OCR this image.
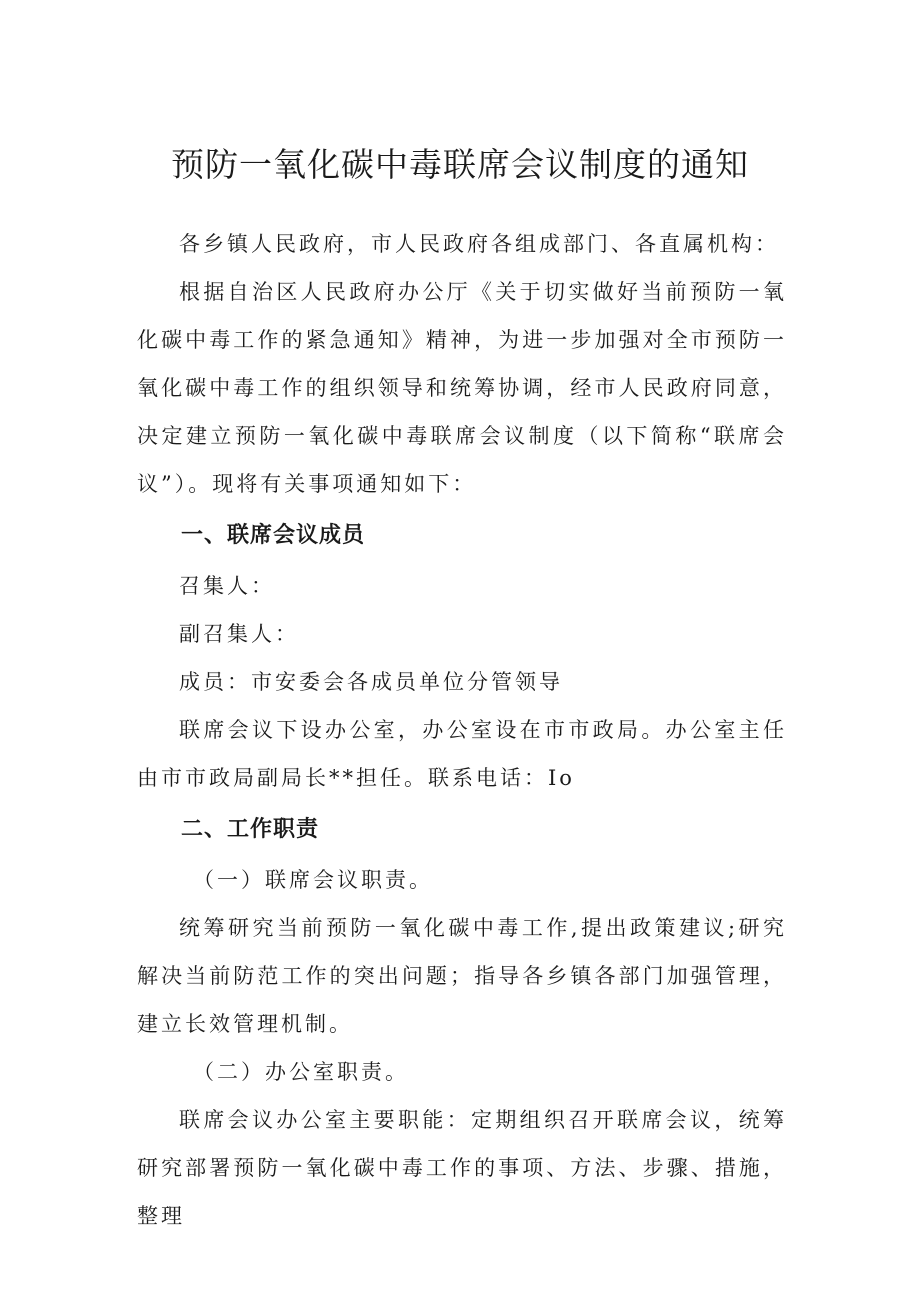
预防一氧化碳中毒联席会议制度的通知

各乡镇人民政府，市人民政府各组成部门、各直属机构：

根据自治区人民政府办公厅《关于切实做好当前预防一氧化碳中毒工作的紧急通知》精神，为进一步加强对全市预防一氧化碳中毒工作的组织领导和统筹协调，经市人民政府同意，决定建立预防一氧化碳中毒联席会议制度（以下简称“联席会议”）。现将有关事项通知如下：

一、联席会议成员

召集人：

副召集人：

成员：市安委会各成员单位分管领导

联席会议下设办公室，办公室设在市市政局。办公室主任由市市政局副局长**担任。联系电话：Io

二、工作职责

（一）联席会议职责。

统筹研究当前预防一氧化碳中毒工作,提出政策建议;研究解决当前防范工作的突出问题；指导各乡镇各部门加强管理，建立长效管理机制。

（二）办公室职责。

联席会议办公室主要职能：定期组织召开联席会议，统筹研究部署预防一氧化碳中毒工作的事项、方法、步骤、措施，整理
